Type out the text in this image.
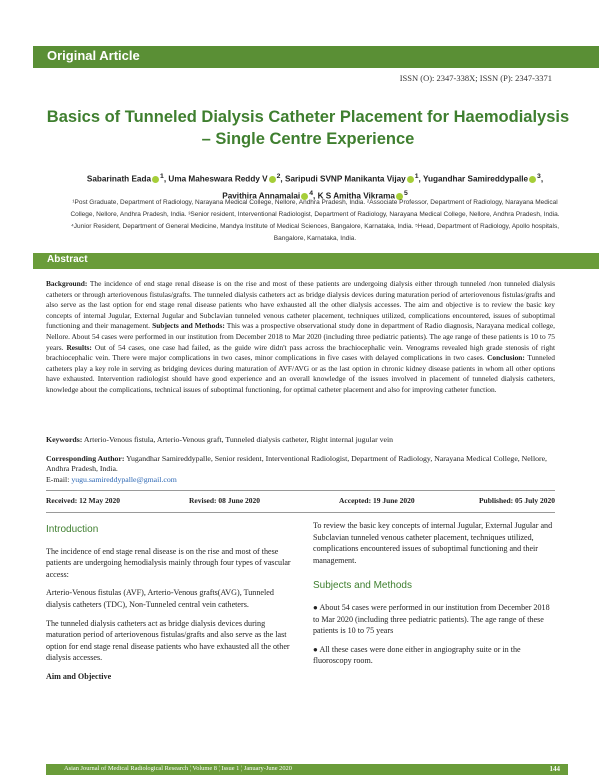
Original Article
ISSN (O): 2347-338X; ISSN (P): 2347-3371
Basics of Tunneled Dialysis Catheter Placement for Haemodialysis – Single Centre Experience
Sabarinath Eada $^1$, Uma Maheswara Reddy V $^2$, Saripudi SVNP Manikanta Vijay $^1$, Yugandhar Samireddypalle $^3$,
Pavithira Annamalai $^4$, K S Amitha Vikrama $^5$
¹Post Graduate, Department of Radiology, Narayana Medical College, Nellore, Andhra Pradesh, India. ²Associate Professor, Department of Radiology, Narayana Medical College, Nellore, Andhra Pradesh, India. ³Senior resident, Interventional Radiologist, Department of Radiology, Narayana Medical College, Nellore, Andhra Pradesh, India. ⁴Junior Resident, Department of General Medicine, Mandya Institute of Medical Sciences, Bangalore, Karnataka, India. ⁵Head, Department of Radiology, Apollo hospitals, Bangalore, Karnataka, India.
Abstract
Background: The incidence of end stage renal disease is on the rise and most of these patients are undergoing dialysis either through tunneled /non tunneled dialysis catheters or through arteriovenous fistulas/grafts. The tunneled dialysis catheters act as bridge dialysis devices during maturation period of arteriovenous fistulas/grafts and also serve as the last option for end stage renal disease patients who have exhausted all the other dialysis accesses. The aim and objective is to review the basic key concepts of internal Jugular, External Jugular and Subclavian tunneled venous catheter placement, techniques utilized, complications encountered, issues of suboptimal functioning and their management. Subjects and Methods: This was a prospective observational study done in department of Radio diagnosis, Narayana medical college, Nellore. About 54 cases were performed in our institution from December 2018 to Mar 2020 (including three pediatric patients). The age range of these patients is 10 to 75 years. Results: Out of 54 cases, one case had failed, as the guide wire didn't pass across the brachiocephalic vein. Venograms revealed high grade stenosis of right brachiocephalic vein. There were major complications in two cases, minor complications in five cases with delayed complications in two cases. Conclusion: Tunneled catheters play a key role in serving as bridging devices during maturation of AVF/AVG or as the last option in chronic kidney disease patients in whom all other options have exhausted. Intervention radiologist should have good experience and an overall knowledge of the issues involved in placement of tunneled dialysis catheters, knowledge about the complications, technical issues of suboptimal functioning, for optimal catheter placement and also for improving catheter function.
Keywords: Arterio-Venous fistula, Arterio-Venous graft, Tunneled dialysis catheter, Right internal jugular vein
Corresponding Author: Yugandhar Samireddypalle, Senior resident, Interventional Radiologist, Department of Radiology, Narayana Medical College, Nellore, Andhra Pradesh, India.
E-mail: yugu.samireddypalle@gmail.com
Received: 12 May 2020	Revised: 08 June 2020	Accepted: 19 June 2020	Published: 05 July 2020
Introduction

The incidence of end stage renal disease is on the rise and most of these patients are undergoing hemodialysis mainly through four types of vascular access:

Arterio-Venous fistulas (AVF), Arterio-Venous grafts(AVG), Tunneled dialysis catheters (TDC), Non-Tunneled central vein catheters.

The tunneled dialysis catheters act as bridge dialysis devices during maturation period of arteriovenous fistulas/grafts and also serve as the last option for end stage renal disease patients who have exhausted all the other dialysis accesses.

Aim and Objective

To review the basic key concepts of internal Jugular, External Jugular and Subclavian tunneled venous catheter placement, techniques utilized, complications encountered issues of suboptimal functioning and their management.

Subjects and Methods

● About 54 cases were performed in our institution from December 2018 to Mar 2020 (including three pediatric patients). The age range of these patients is 10 to 75 years

● All these cases were done either in angiography suite or in the fluoroscopy room.

Asian Journal of Medical Radiological Research ¦ Volume 8 ¦ Issue 1 ¦ January-June 2020	144
